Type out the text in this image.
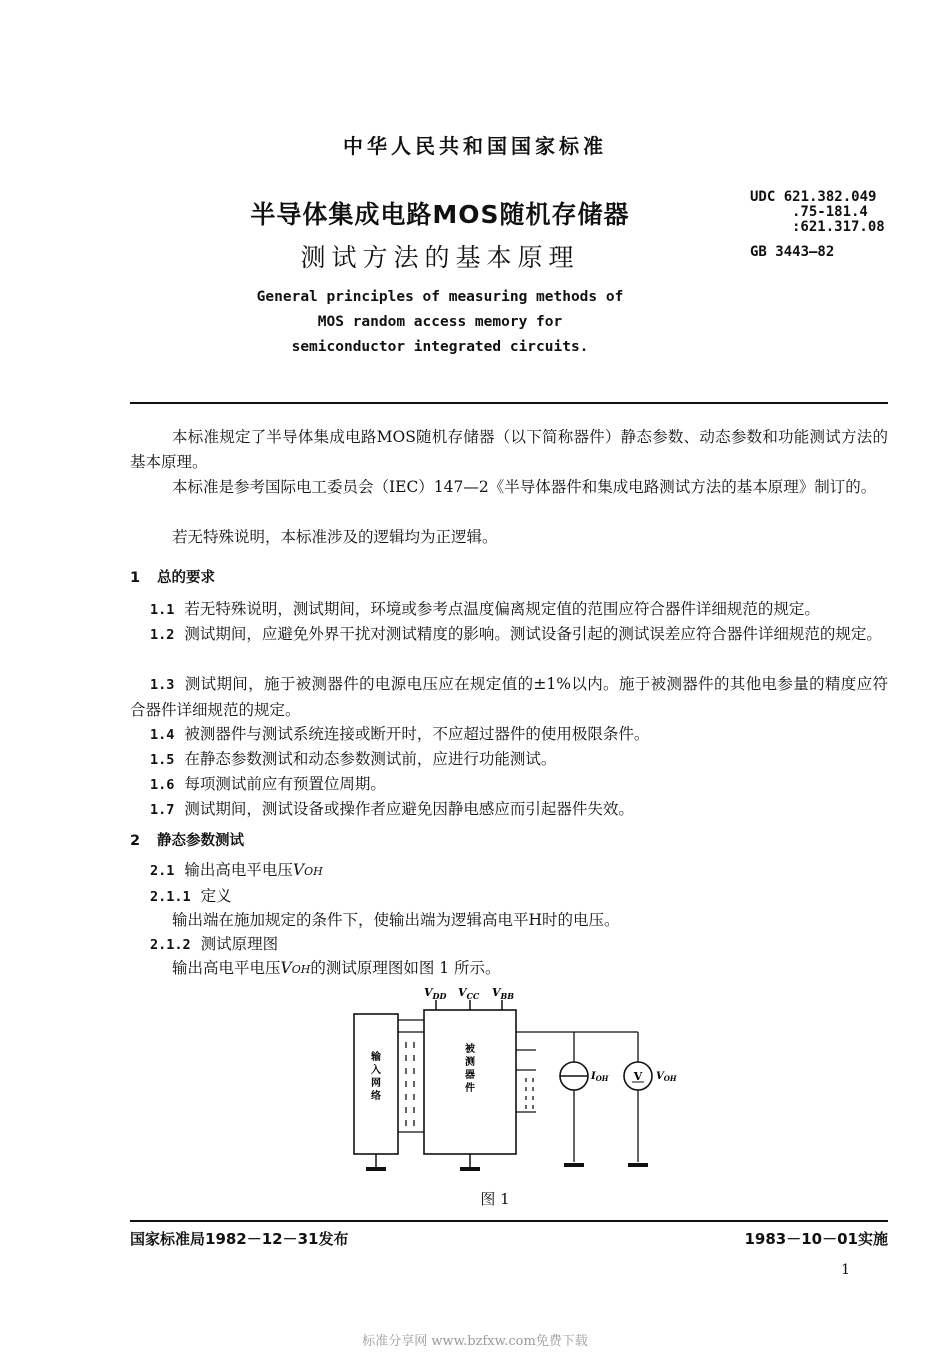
中华人民共和国国家标准
半导体集成电路MOS随机存储器
测试方法的基本原理
General principles of measuring methods of
MOS random access memory for
semiconductor integrated circuits.
UDC 621.382.049
.75-181.4
:621.317.08
GB 3443—82
本标准规定了半导体集成电路MOS随机存储器（以下简称器件）静态参数、动态参数和功能测试方法的基本原理。
本标准是参考国际电工委员会（IEC）147—2《半导体器件和集成电路测试方法的基本原理》制订的。
若无特殊说明，本标准涉及的逻辑均为正逻辑。
1 总的要求
1.1 若无特殊说明，测试期间，环境或参考点温度偏离规定值的范围应符合器件详细规范的规定。
1.2 测试期间，应避免外界干扰对测试精度的影响。测试设备引起的测试误差应符合器件详细规范的规定。
1.3 测试期间，施于被测器件的电源电压应在规定值的±1%以内。施于被测器件的其他电参量的精度应符合器件详细规范的规定。
1.4 被测器件与测试系统连接或断开时，不应超过器件的使用极限条件。
1.5 在静态参数测试和动态参数测试前，应进行功能测试。
1.6 每项测试前应有预置位周期。
1.7 测试期间，测试设备或操作者应避免因静电感应而引起器件失效。
2 静态参数测试
2.1 输出高电平电压VOH
2.1.1 定义
输出端在施加规定的条件下，使输出端为逻辑高电平H时的电压。
2.1.2 测试原理图
输出高电平电压VOH的测试原理图如图 1 所示。
$V_{DD}$ $V_{CC}$ $V_{BB}$
输入网络
被测器件
$I_{OH}$ V $V_{OH}$
图 1
国家标准局1982－12－31发布	1983－10－01实施
1
标准分享网 www.bzfxw.com免费下载
